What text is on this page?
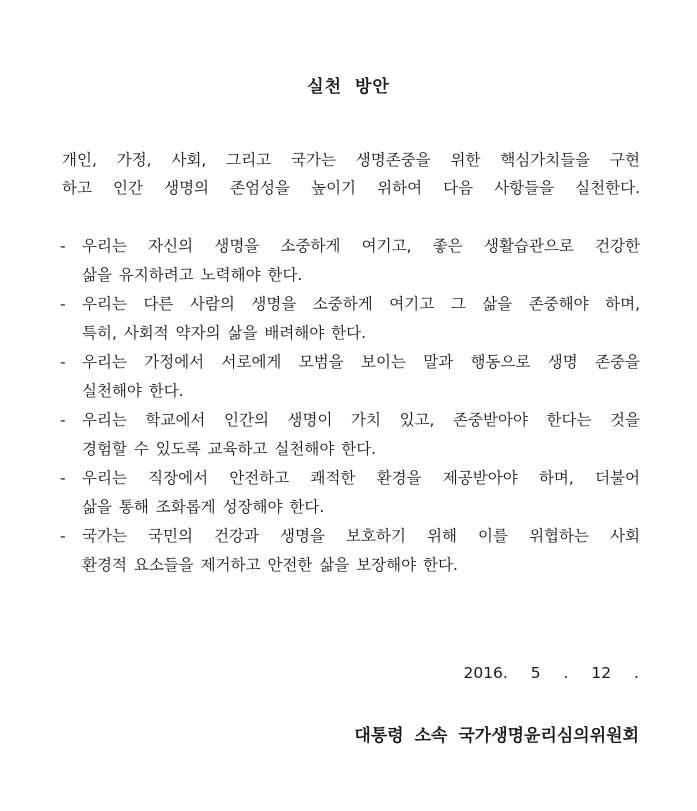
실천 방안
개인, 가정, 사회, 그리고 국가는 생명존중을 위한 핵심가치들을 구현
하고 인간 생명의 존엄성을 높이기 위하여 다음 사항들을 실천한다.
-	우리는 자신의 생명을 소중하게 여기고, 좋은 생활습관으로 건강한
삶을 유지하려고 노력해야 한다.
-	우리는 다른 사람의 생명을 소중하게 여기고 그 삶을 존중해야 하며,
특히, 사회적 약자의 삶을 배려해야 한다.
-	우리는 가정에서 서로에게 모범을 보이는 말과 행동으로 생명 존중을
실천해야 한다.
-	우리는 학교에서 인간의 생명이 가치 있고, 존중받아야 한다는 것을
경험할 수 있도록 교육하고 실천해야 한다.
-	우리는 직장에서 안전하고 쾌적한 환경을 제공받아야 하며, 더불어
삶을 통해 조화롭게 성장해야 한다.
-	국가는 국민의 건강과 생명을 보호하기 위해 이를 위협하는 사회
환경적 요소들을 제거하고 안전한 삶을 보장해야 한다.
2016. 5 . 12 .
대통령 소속 국가생명윤리심의위원회
